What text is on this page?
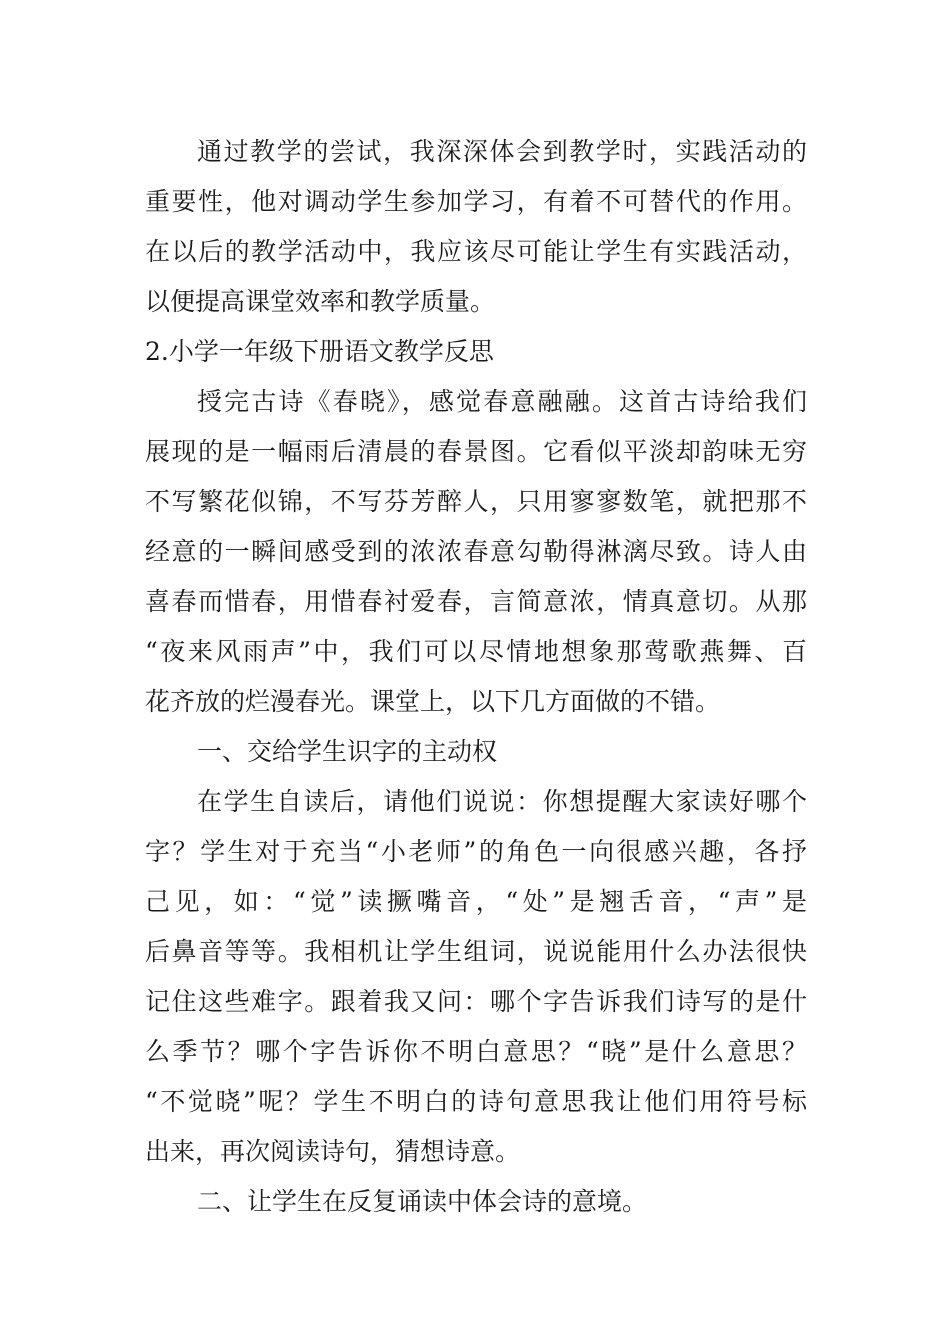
通过教学的尝试，我深深体会到教学时，实践活动的
重要性，他对调动学生参加学习，有着不可替代的作用。
在以后的教学活动中，我应该尽可能让学生有实践活动，
以便提高课堂效率和教学质量。
2.小学一年级下册语文教学反思
授完古诗《春晓》，感觉春意融融。这首古诗给我们
展现的是一幅雨后清晨的春景图。它看似平淡却韵味无穷
不写繁花似锦，不写芬芳醉人，只用寥寥数笔，就把那不
经意的一瞬间感受到的浓浓春意勾勒得淋漓尽致。诗人由
喜春而惜春，用惜春衬爱春，言简意浓，情真意切。从那
“夜来风雨声”中，我们可以尽情地想象那莺歌燕舞、百
花齐放的烂漫春光。课堂上，以下几方面做的不错。
一、交给学生识字的主动权
在学生自读后，请他们说说：你想提醒大家读好哪个
字？学生对于充当“小老师”的角色一向很感兴趣，各抒
己见，如：“觉”读撅嘴音，“处”是翘舌音，“声”是
后鼻音等等。我相机让学生组词，说说能用什么办法很快
记住这些难字。跟着我又问：哪个字告诉我们诗写的是什
么季节？哪个字告诉你不明白意思？“晓”是什么意思？
“不觉晓”呢？学生不明白的诗句意思我让他们用符号标
出来，再次阅读诗句，猜想诗意。
二、让学生在反复诵读中体会诗的意境。
